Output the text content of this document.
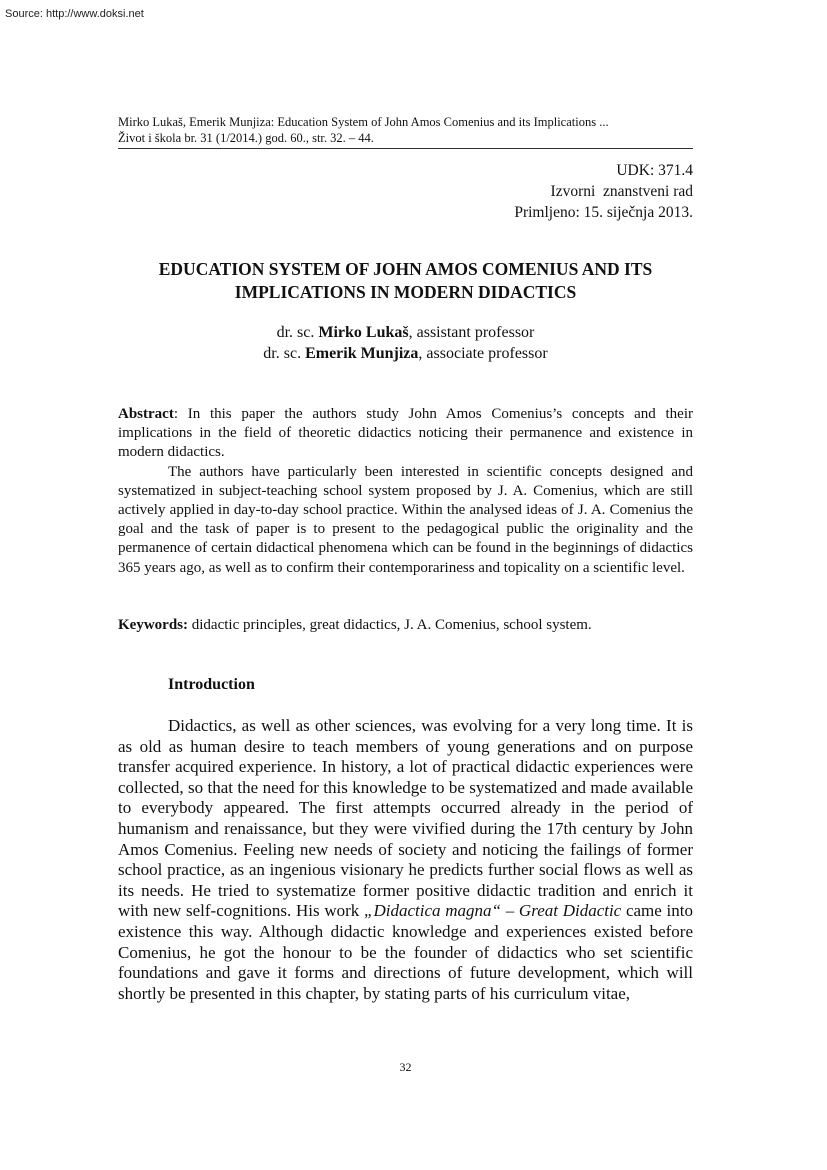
Source: http://www.doksi.net
Mirko Lukaš, Emerik Munjiza: Education System of John Amos Comenius and its Implications ...
Život i škola br. 31 (1/2014.) god. 60., str. 32. – 44.
UDK: 371.4
Izvorni  znanstveni rad
Primljeno: 15. siječnja 2013.
EDUCATION SYSTEM OF JOHN AMOS COMENIUS AND ITS
IMPLICATIONS IN MODERN DIDACTICS
dr. sc. Mirko Lukaš, assistant professor
dr. sc. Emerik Munjiza, associate professor

Abstract: In this paper the authors study John Amos Comenius’s concepts and their implications in the field of theoretic didactics noticing their permanence and existence in modern didactics.

The authors have particularly been interested in scientific concepts designed and systematized in subject-teaching school system proposed by J. A. Comenius, which are still actively applied in day-to-day school practice. Within the analysed ideas of J. A. Comenius the goal and the task of paper is to present to the pedagogical public the originality and the permanence of certain didactical phenomena which can be found in the beginnings of didactics 365 years ago, as well as to confirm their contemporariness and topicality on a scientific level.

Keywords: didactic principles, great didactics, J. A. Comenius, school system.
Introduction

Didactics, as well as other sciences, was evolving for a very long time. It is as old as human desire to teach members of young generations and on purpose transfer acquired experience. In history, a lot of practical didactic experiences were collected, so that the need for this knowledge to be systematized and made available to everybody appeared. The first attempts occurred already in the period of humanism and renaissance, but they were vivified during the 17th century by John Amos Comenius. Feeling new needs of society and noticing the failings of former school practice, as an ingenious visionary he predicts further social flows as well as its needs. He tried to systematize former positive didactic tradition and enrich it with new self-cognitions. His work „Didactica magna“ – Great Didactic came into existence this way. Although didactic knowledge and experiences existed before Comenius, he got the honour to be the founder of didactics who set scientific foundations and gave it forms and directions of future development, which will shortly be presented in this chapter, by stating parts of his curriculum vitae,

32
